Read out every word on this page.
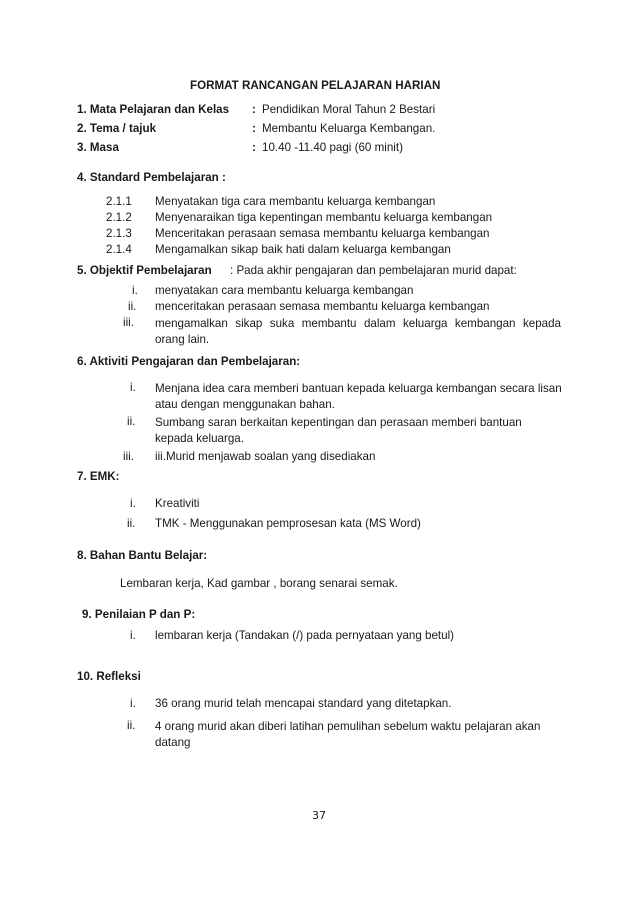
FORMAT RANCANGAN PELAJARAN HARIAN
1. Mata Pelajaran dan Kelas : Pendidikan Moral Tahun 2 Bestari
2. Tema / tajuk	: Membantu Keluarga Kembangan.
3. Masa	: 10.40 -11.40 pagi (60 minit)
4. Standard Pembelajaran :
2.1.1 Menyatakan tiga cara membantu keluarga kembangan
2.1.2 Menyenaraikan tiga kepentingan membantu keluarga kembangan
2.1.3 Menceritakan perasaan semasa membantu keluarga kembangan
2.1.4 Mengamalkan sikap baik hati dalam keluarga kembangan
5. Objektif Pembelajaran : Pada akhir pengajaran dan pembelajaran murid dapat:
i. menyatakan cara membantu keluarga kembangan
ii. menceritakan perasaan semasa membantu keluarga kembangan
iii. mengamalkan sikap suka membantu dalam keluarga kembangan kepada orang lain.
6. Aktiviti Pengajaran dan Pembelajaran:
i. Menjana idea cara memberi bantuan kepada keluarga kembangan secara lisan atau dengan menggunakan bahan.
ii. Sumbang saran berkaitan kepentingan dan perasaan memberi bantuan kepada keluarga.
iii. iii.Murid menjawab soalan yang disediakan
7. EMK:
i. Kreativiti
ii. TMK - Menggunakan pemprosesan kata (MS Word)
8. Bahan Bantu Belajar:
Lembaran kerja, Kad gambar , borang senarai semak.
9. Penilaian P dan P:
i. lembaran kerja (Tandakan (/) pada pernyataan yang betul)
10. Refleksi
i. 36 orang murid telah mencapai standard yang ditetapkan.
ii. 4 orang murid akan diberi latihan pemulihan sebelum waktu pelajaran akan datang
37
